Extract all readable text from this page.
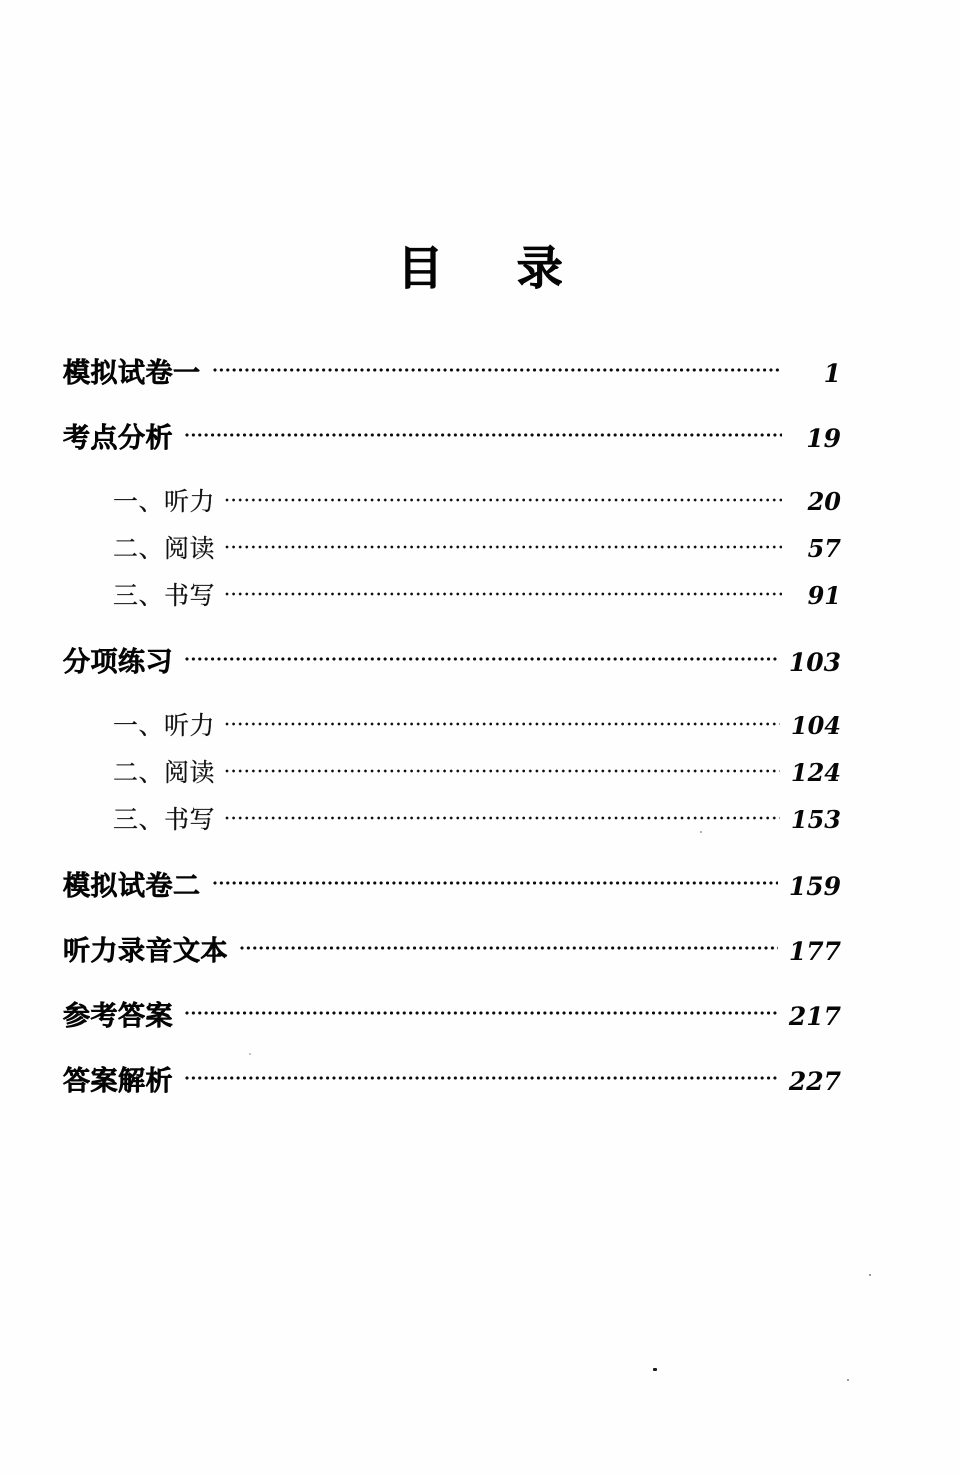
目　录
模拟试卷一	1
考点分析	19
一、听力	20
二、阅读	57
三、书写	91
分项练习	103
一、听力	104
二、阅读	124
三、书写	153
模拟试卷二	159
听力录音文本	177
参考答案	217
答案解析	227
